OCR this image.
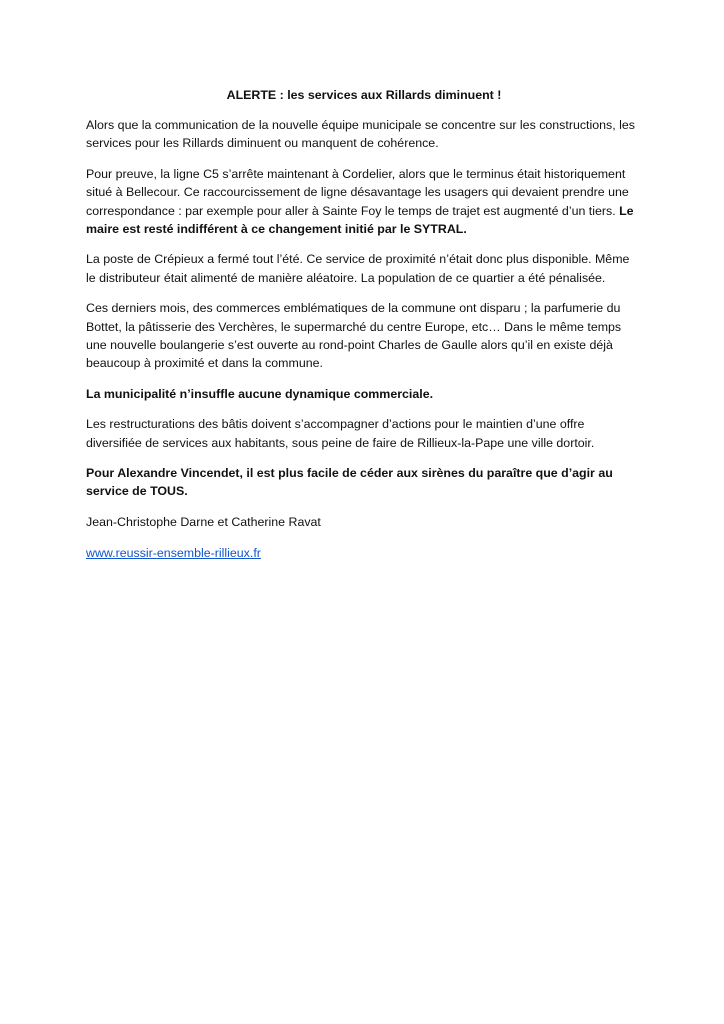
ALERTE : les services aux Rillards diminuent !

Alors que la communication de la nouvelle équipe municipale se concentre sur les constructions, les services pour les Rillards diminuent ou manquent de cohérence.

Pour preuve, la ligne C5 s’arrête maintenant à Cordelier, alors que le terminus était historiquement situé à Bellecour. Ce raccourcissement de ligne désavantage les usagers qui devaient prendre une correspondance : par exemple pour aller à Sainte Foy le temps de trajet est augmenté d’un tiers. Le maire est resté indifférent à ce changement initié par le SYTRAL.

La poste de Crépieux a fermé tout l’été. Ce service de proximité n’était donc plus disponible. Même le distributeur était alimenté de manière aléatoire. La population de ce quartier a été pénalisée.

Ces derniers mois, des commerces emblématiques de la commune ont disparu ; la parfumerie du Bottet, la pâtisserie des Verchères, le supermarché du centre Europe, etc… Dans le même temps une nouvelle boulangerie s’est ouverte au rond-point Charles de Gaulle alors qu’il en existe déjà beaucoup à proximité et dans la commune.

La municipalité n’insuffle aucune dynamique commerciale.

Les restructurations des bâtis doivent s’accompagner d’actions pour le maintien d’une offre diversifiée de services aux habitants, sous peine de faire de Rillieux-la-Pape une ville dortoir.

Pour Alexandre Vincendet, il est plus facile de céder aux sirènes du paraître que d’agir au service de TOUS.

Jean-Christophe Darne et Catherine Ravat

www.reussir-ensemble-rillieux.fr
